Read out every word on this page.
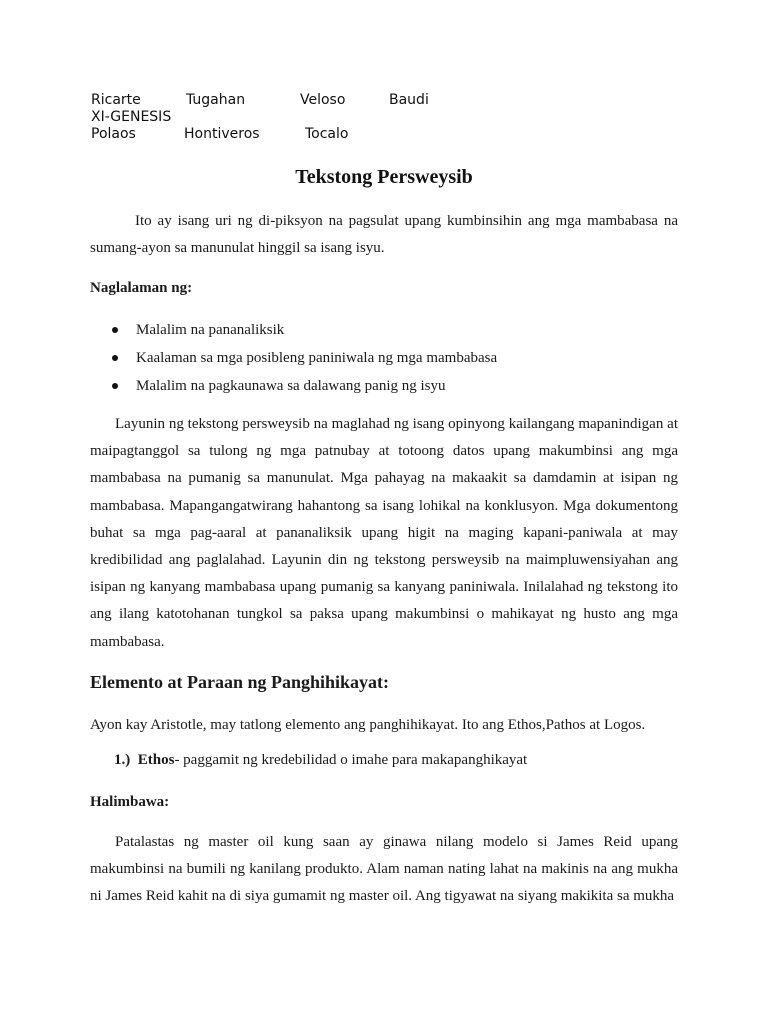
Ricarte	Tugahan	Veloso	Baudi
XI-GENESIS
Polaos	Hontiveros	Tocalo
Tekstong Persweysib
Ito ay isang uri ng di-piksyon na pagsulat upang kumbinsihin ang mga mambabasa na sumang-ayon sa manunulat hinggil sa isang isyu.
Naglalaman ng:
Malalim na pananaliksik
Kaalaman sa mga posibleng paniniwala ng mga mambabasa
Malalim na pagkaunawa sa dalawang panig ng isyu
Layunin ng tekstong persweysib na maglahad ng isang opinyong kailangang mapanindigan at maipagtanggol sa tulong ng mga patnubay at totoong datos upang makumbinsi ang mga mambabasa na pumanig sa manunulat. Mga pahayag na makaakit sa damdamin at isipan ng mambabasa. Mapangangatwirang hahantong sa isang lohikal na konklusyon. Mga dokumentong buhat sa mga pag-aaral at pananaliksik upang higit na maging kapani-paniwala at may kredibilidad ang paglalahad. Layunin din ng tekstong persweysib na maimpluwensiyahan ang isipan ng kanyang mambabasa upang pumanig sa kanyang paniniwala. Inilalahad ng tekstong ito ang ilang katotohanan tungkol sa paksa upang makumbinsi o mahikayat ng husto ang mga mambabasa.
Elemento at Paraan ng Panghihikayat:
Ayon kay Aristotle, may tatlong elemento ang panghihikayat. Ito ang Ethos,Pathos at Logos.
1.) Ethos- paggamit ng kredebilidad o imahe para makapanghikayat
Halimbawa:
Patalastas ng master oil kung saan ay ginawa nilang modelo si James Reid upang makumbinsi na bumili ng kanilang produkto. Alam naman nating lahat na makinis na ang mukha ni James Reid kahit na di siya gumamit ng master oil. Ang tigyawat na siyang makikita sa mukha
